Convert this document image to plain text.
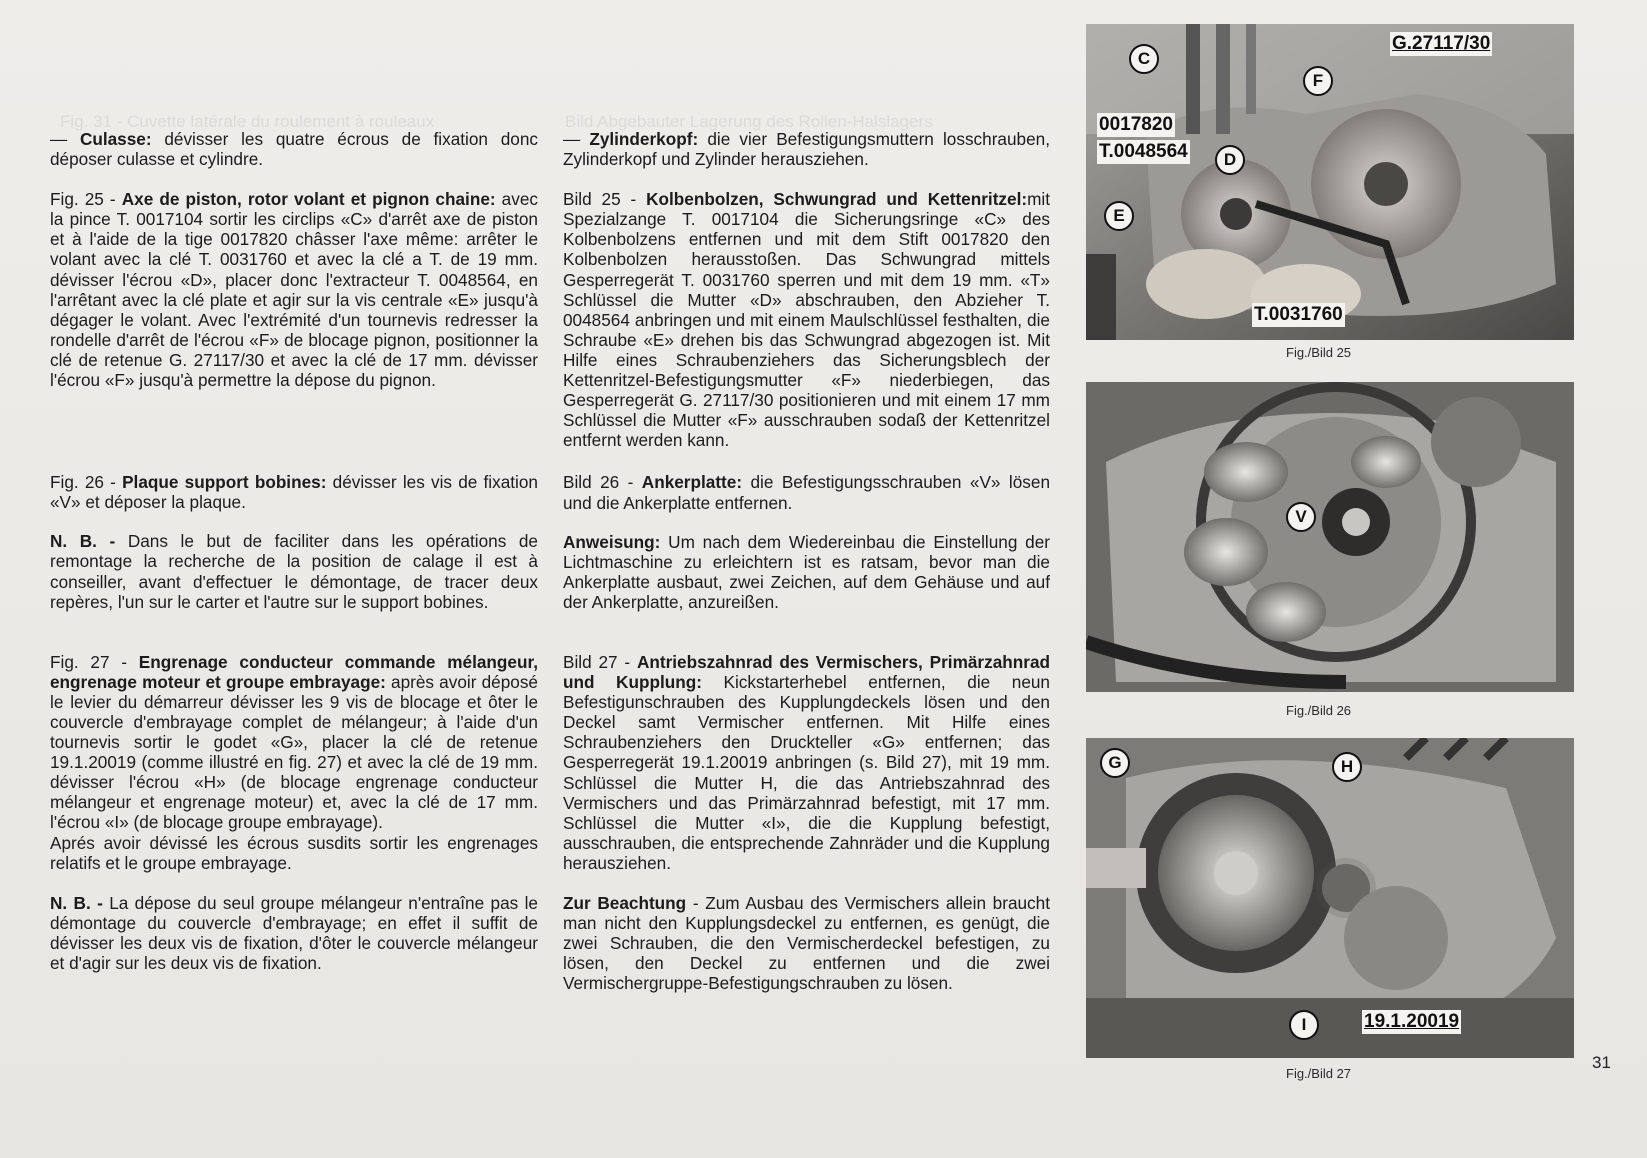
Fig. 31 - Cuvette latérale du roulement à rouleaux	Bild Abgebauter Lagerung des Rollen-Halslagers

— Culasse: dévisser les quatre écrous de fixation donc déposer culasse et cylindre.

Fig. 25 - Axe de piston, rotor volant et pignon chaine: avec la pince T. 0017104 sortir les circlips «C» d'arrêt axe de piston et à l'aide de la tige 0017820 châsser l'axe même: arrêter le volant avec la clé T. 0031760 et avec la clé a T. de 19 mm. dévisser l'écrou «D», placer donc l'extracteur T. 0048564, en l'arrêtant avec la clé plate et agir sur la vis centrale «E» jusqu'à dégager le volant. Avec l'extrémité d'un tournevis redresser la rondelle d'arrêt de l'écrou «F» de blocage pignon, positionner la clé de retenue G. 27117/30 et avec la clé de 17 mm. dévisser l'écrou «F» jusqu'à permettre la dépose du pignon.

Fig. 26 - Plaque support bobines: dévisser les vis de fixation «V» et déposer la plaque.

N. B. - Dans le but de faciliter dans les opérations de remontage la recherche de la position de calage il est à conseiller, avant d'effectuer le démontage, de tracer deux repères, l'un sur le carter et l'autre sur le support bobines.

Fig. 27 - Engrenage conducteur commande mélangeur, engrenage moteur et groupe embrayage: après avoir déposé le levier du démarreur dévisser les 9 vis de blocage et ôter le couvercle d'embrayage complet de mélangeur; à l'aide d'un tournevis sortir le godet «G», placer la clé de retenue 19.1.20019 (comme illustré en fig. 27) et avec la clé de 19 mm. dévisser l'écrou «H» (de blocage engrenage conducteur mélangeur et engrenage moteur) et, avec la clé de 17 mm. l'écrou «I» (de blocage groupe embrayage).

Aprés avoir dévissé les écrous susdits sortir les engrenages relatifs et le groupe embrayage.

N. B. - La dépose du seul groupe mélangeur n'entraîne pas le démontage du couvercle d'embrayage; en effet il suffit de dévisser les deux vis de fixation, d'ôter le couvercle mélangeur et d'agir sur les deux vis de fixation.

— Zylinderkopf: die vier Befestigungsmuttern losschrauben, Zylinderkopf und Zylinder herausziehen.

Bild 25 - Kolbenbolzen, Schwungrad und Kettenritzel:mit Spezialzange T. 0017104 die Sicherungsringe «C» des Kolbenbolzens entfernen und mit dem Stift 0017820 den Kolbenbolzen herausstoßen. Das Schwungrad mittels Gesperregerät T. 0031760 sperren und mit dem 19 mm. «T» Schlüssel die Mutter «D» abschrauben, den Abzieher T. 0048564 anbringen und mit einem Maulschlüssel festhalten, die Schraube «E» drehen bis das Schwungrad abgezogen ist. Mit Hilfe eines Schraubenziehers das Sicherungsblech der Kettenritzel-Befestigungsmutter «F» niederbiegen, das Gesperregerät G. 27117/30 positionieren und mit einem 17 mm Schlüssel die Mutter «F» ausschrauben sodaß der Kettenritzel entfernt werden kann.

Bild 26 - Ankerplatte: die Befestigungsschrauben «V» lösen und die Ankerplatte entfernen.

Anweisung: Um nach dem Wiedereinbau die Einstellung der Lichtmaschine zu erleichtern ist es ratsam, bevor man die Ankerplatte ausbaut, zwei Zeichen, auf dem Gehäuse und auf der Ankerplatte, anzureißen.

Bild 27 - Antriebszahnrad des Vermischers, Primärzahnrad und Kupplung: Kickstarterhebel entfernen, die neun Befestigunschrauben des Kupplungdeckels lösen und den Deckel samt Vermischer entfernen. Mit Hilfe eines Schraubenziehers den Druckteller «G» entfernen; das Gesperregerät 19.1.20019 anbringen (s. Bild 27), mit 19 mm. Schlüssel die Mutter H, die das Antriebszahnrad des Vermischers und das Primärzahnrad befestigt, mit 17 mm. Schlüssel die Mutter «I», die die Kupplung befestigt, ausschrauben, die entsprechende Zahnräder und die Kupplung herausziehen.

Zur Beachtung - Zum Ausbau des Vermischers allein braucht man nicht den Kupplungsdeckel zu entfernen, es genügt, die zwei Schrauben, die den Vermischerdeckel befestigen, zu lösen, den Deckel zu entfernen und die zwei Vermischergruppe-Befestigungschrauben zu lösen.

C
G.27117/30
F
0017820
T.0048564	D
E
T.0031760
Fig./Bild 25
V
Fig./Bild 26
G	H
I	19.1.20019
Fig./Bild 27
31
